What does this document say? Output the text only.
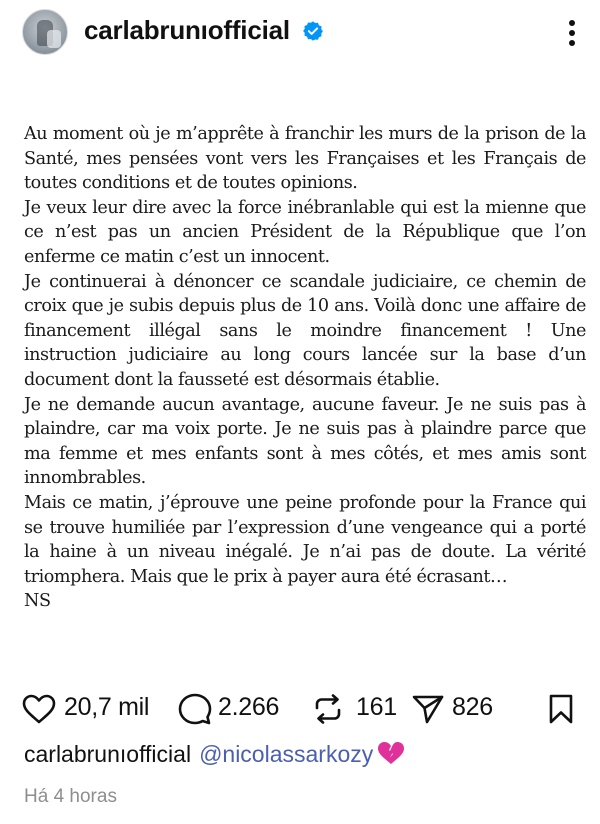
carlabrunıofficial

Au moment où je m’apprête à franchir les murs de la prison de la Santé, mes pensées vont vers les Françaises et les Français de toutes conditions et de toutes opinions.

Je veux leur dire avec la force inébranlable qui est la mienne que ce n’est pas un ancien Président de la République que l’on enferme ce matin c’est un innocent.

Je continuerai à dénoncer ce scandale judiciaire, ce chemin de croix que je subis depuis plus de 10 ans. Voilà donc une affaire de financement illégal sans le moindre financement ! Une instruction judiciaire au long cours lancée sur la base d’un document dont la fausseté est désormais établie.

Je ne demande aucun avantage, aucune faveur. Je ne suis pas à plaindre, car ma voix porte. Je ne suis pas à plaindre parce que ma femme et mes enfants sont à mes côtés, et mes amis sont innombrables.

Mais ce matin, j’éprouve une peine profonde pour la France qui se trouve humiliée par l’expression d’une vengeance qui a porté la haine à un niveau inégalé. Je n’ai pas de doute. La vérité triomphera. Mais que le prix à payer aura été écrasant…

NS

20,7 mil	2.266	161 826
carlabrunıofficial @nicolassarkozy
Há 4 horas
